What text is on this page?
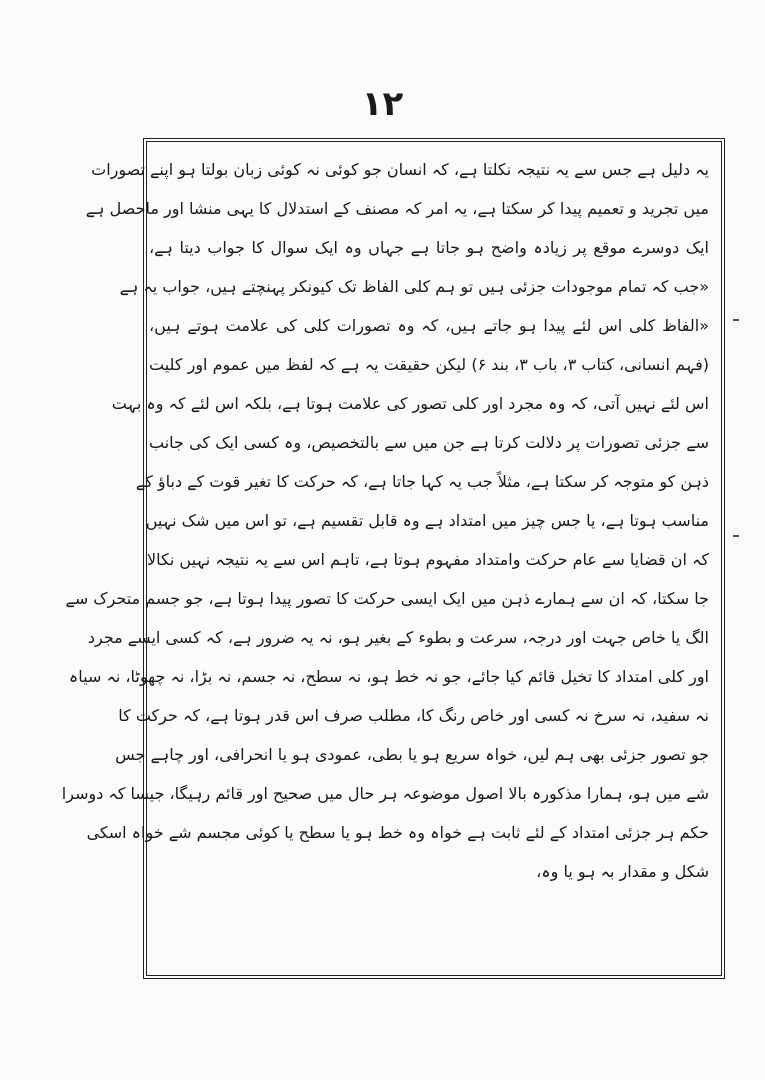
۱۲
یہ دلیل ہے جس سے یہ نتیجہ نکلتا ہے، کہ انسان جو کوئی نہ کوئی زبان بولتا ہو اپنے تصورات
میں تجرید و تعمیم پیدا کر سکتا ہے، یہ امر کہ مصنف کے استدلال کا یہی منشا اور ماحصل ہے
ایک دوسرے موقع پر زیادہ واضح ہو جاتا ہے جہاں وہ ایک سوال کا جواب دیتا ہے،
«جب کہ تمام موجودات جزئی ہیں تو ہم کلی الفاظ تک کیونکر پہنچتے ہیں، جواب یہ ہے
«الفاظ کلی اس لئے پیدا ہو جاتے ہیں، کہ وہ تصورات کلی کی علامت ہوتے ہیں،
(فہم انسانی، کتاب ۳، باب ۳، بند ۶) لیکن حقیقت یہ ہے کہ لفظ میں عموم اور کلیت
اس لئے نہیں آتی، کہ وہ مجرد اور کلی تصور کی علامت ہوتا ہے، بلکہ اس لئے کہ وہ بہت
سے جزئی تصورات پر دلالت کرتا ہے جن میں سے بالتخصیص، وہ کسی ایک کی جانب
ذہن کو متوجہ کر سکتا ہے، مثلاً جب یہ کہا جاتا ہے، کہ حرکت کا تغیر قوت کے دباؤ کے
مناسب ہوتا ہے، یا جس چیز میں امتداد ہے وہ قابل تقسیم ہے، تو اس میں شک نہیں
کہ ان قضایا سے عام حرکت وامتداد مفہوم ہوتا ہے، تاہم اس سے یہ نتیجہ نہیں نکالا
جا سکتا، کہ ان سے ہمارے ذہن میں ایک ایسی حرکت کا تصور پیدا ہوتا ہے، جو جسم متحرک سے
الگ یا خاص جہت اور درجہ، سرعت و بطوء کے بغیر ہو، نہ یہ ضرور ہے، کہ کسی ایسے مجرد
اور کلی امتداد کا تخیل قائم کیا جائے، جو نہ خط ہو، نہ سطح، نہ جسم، نہ بڑا، نہ چھوٹا، نہ سیاہ
نہ سفید، نہ سرخ نہ کسی اور خاص رنگ کا، مطلب صرف اس قدر ہوتا ہے، کہ حرکت کا
جو تصور جزئی بھی ہم لیں، خواہ سریع ہو یا بطی، عمودی ہو یا انحرافی، اور چاہے جس
شے میں ہو، ہمارا مذکورہ بالا اصول موضوعہ ہر حال میں صحیح اور قائم رہیگا، جیسا کہ دوسرا
حکم ہر جزئی امتداد کے لئے ثابت ہے خواہ وہ خط ہو یا سطح یا کوئی مجسم شے خواہ اسکی
شکل و مقدار بہ ہو یا وہ،
